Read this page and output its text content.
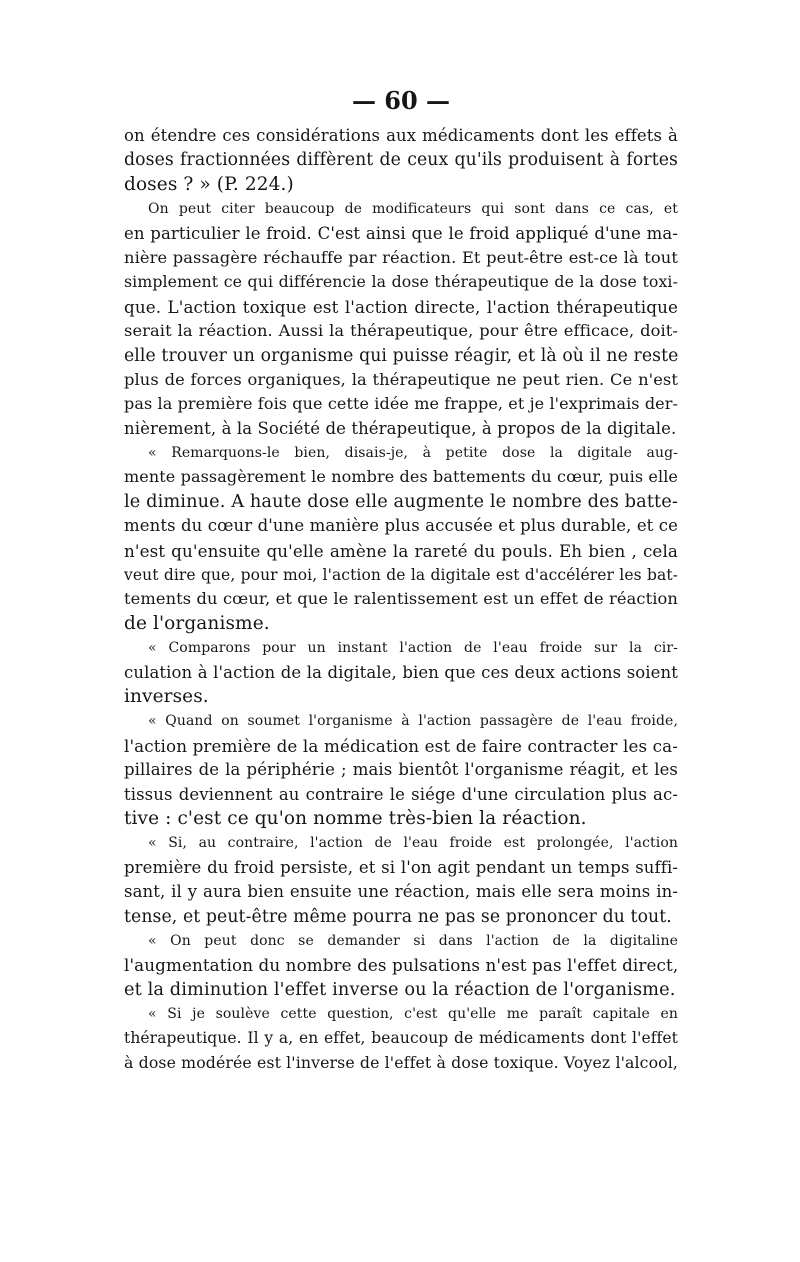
— 60 —
on étendre ces considérations aux médicaments dont les effets à
doses fractionnées diffèrent de ceux qu'ils produisent à fortes
doses ? » (P. 224.)
On peut citer beaucoup de modificateurs qui sont dans ce cas, et
en particulier le froid. C'est ainsi que le froid appliqué d'une ma-
nière passagère réchauffe par réaction. Et peut-être est-ce là tout
simplement ce qui différencie la dose thérapeutique de la dose toxi-
que. L'action toxique est l'action directe, l'action thérapeutique
serait la réaction. Aussi la thérapeutique, pour être efficace, doit-
elle trouver un organisme qui puisse réagir, et là où il ne reste
plus de forces organiques, la thérapeutique ne peut rien. Ce n'est
pas la première fois que cette idée me frappe, et je l'exprimais der-
nièrement, à la Société de thérapeutique, à propos de la digitale.
« Remarquons-le bien, disais-je, à petite dose la digitale aug-
mente passagèrement le nombre des battements du cœur, puis elle
le diminue. A haute dose elle augmente le nombre des batte-
ments du cœur d'une manière plus accusée et plus durable, et ce
n'est qu'ensuite qu'elle amène la rareté du pouls. Eh bien , cela
veut dire que, pour moi, l'action de la digitale est d'accélérer les bat-
tements du cœur, et que le ralentissement est un effet de réaction
de l'organisme.
« Comparons pour un instant l'action de l'eau froide sur la cir-
culation à l'action de la digitale, bien que ces deux actions soient
inverses.
« Quand on soumet l'organisme à l'action passagère de l'eau froide,
l'action première de la médication est de faire contracter les ca-
pillaires de la périphérie ; mais bientôt l'organisme réagit, et les
tissus deviennent au contraire le siége d'une circulation plus ac-
tive : c'est ce qu'on nomme très-bien la réaction.
« Si, au contraire, l'action de l'eau froide est prolongée, l'action
première du froid persiste, et si l'on agit pendant un temps suffi-
sant, il y aura bien ensuite une réaction, mais elle sera moins in-
tense, et peut-être même pourra ne pas se prononcer du tout.
« On peut donc se demander si dans l'action de la digitaline
l'augmentation du nombre des pulsations n'est pas l'effet direct,
et la diminution l'effet inverse ou la réaction de l'organisme.
« Si je soulève cette question, c'est qu'elle me paraît capitale en
thérapeutique. Il y a, en effet, beaucoup de médicaments dont l'effet
à dose modérée est l'inverse de l'effet à dose toxique. Voyez l'alcool,
